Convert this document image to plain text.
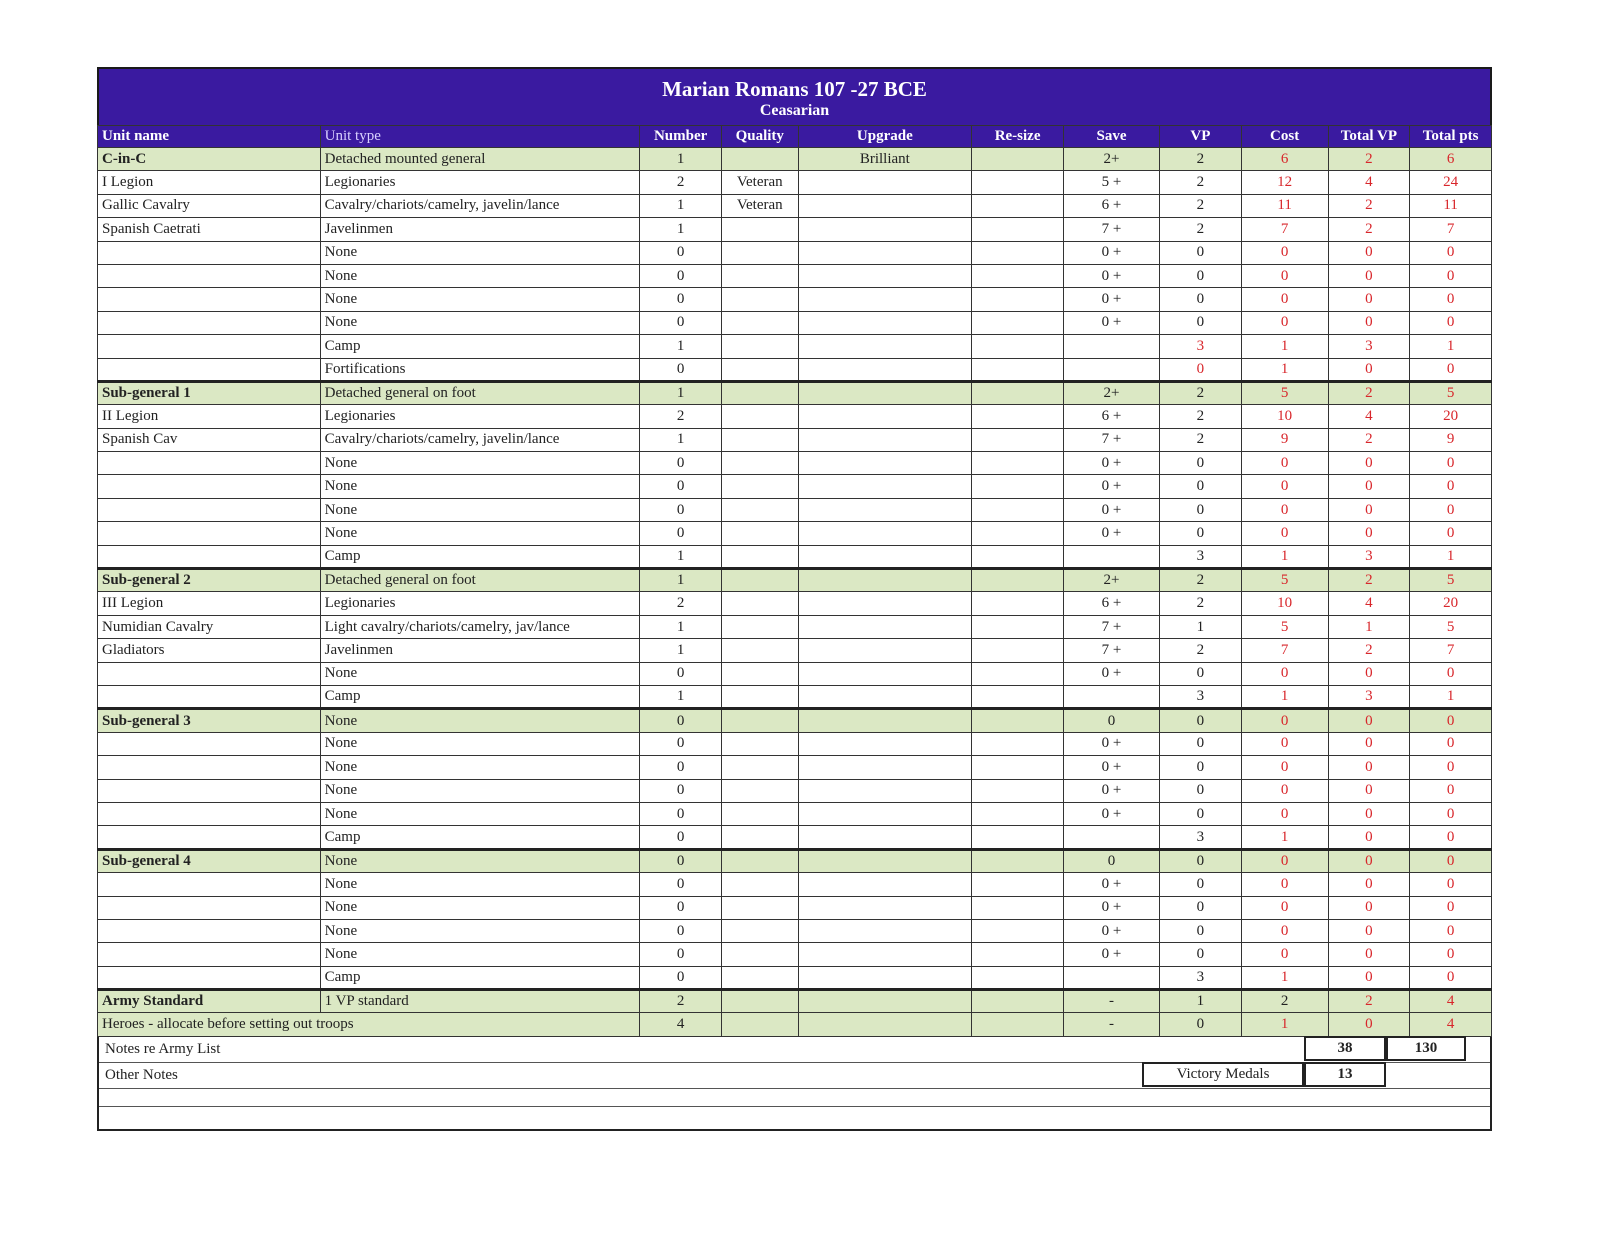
Marian Romans 107 -27 BCE
Ceasarian
Unit name	Unit type	Number	Quality	Upgrade	Re-size	Save	VP	Cost	Total VP	Total pts
C-in-C	Detached mounted general	1		Brilliant		2+	2	6	2	6
I Legion	Legionaries	2	Veteran			5 +	2	12	4	24
Gallic Cavalry	Cavalry/chariots/camelry, javelin/lance	1	Veteran			6 +	2	11	2	11
Spanish Caetrati	Javelinmen	1				7 +	2	7	2	7
	None	0				0 +	0	0	0	0
	None	0				0 +	0	0	0	0
	None	0				0 +	0	0	0	0
	None	0				0 +	0	0	0	0
	Camp	1					3	1	3	1
	Fortifications	0					0	1	0	0
Sub-general 1	Detached general on foot	1				2+	2	5	2	5
II Legion	Legionaries	2				6 +	2	10	4	20
Spanish Cav	Cavalry/chariots/camelry, javelin/lance	1				7 +	2	9	2	9
	None	0				0 +	0	0	0	0
	None	0				0 +	0	0	0	0
	None	0				0 +	0	0	0	0
	None	0				0 +	0	0	0	0
	Camp	1					3	1	3	1
Sub-general 2	Detached general on foot	1				2+	2	5	2	5
III Legion	Legionaries	2				6 +	2	10	4	20
Numidian Cavalry	Light cavalry/chariots/camelry, jav/lance	1				7 +	1	5	1	5
Gladiators	Javelinmen	1				7 +	2	7	2	7
	None	0				0 +	0	0	0	0
	Camp	1					3	1	3	1
Sub-general 3	None	0				0	0	0	0	0
	None	0				0 +	0	0	0	0
	None	0				0 +	0	0	0	0
	None	0				0 +	0	0	0	0
	None	0				0 +	0	0	0	0
	Camp	0					3	1	0	0
Sub-general 4	None	0				0	0	0	0	0
	None	0				0 +	0	0	0	0
	None	0				0 +	0	0	0	0
	None	0				0 +	0	0	0	0
	None	0				0 +	0	0	0	0
	Camp	0					3	1	0	0
Army Standard	1 VP standard	2				-	1	2	2	4
Heroes - allocate before setting out troops		4				-	0	1	0	4
Notes re Army List	38	130
Other Notes	Victory Medals	13
